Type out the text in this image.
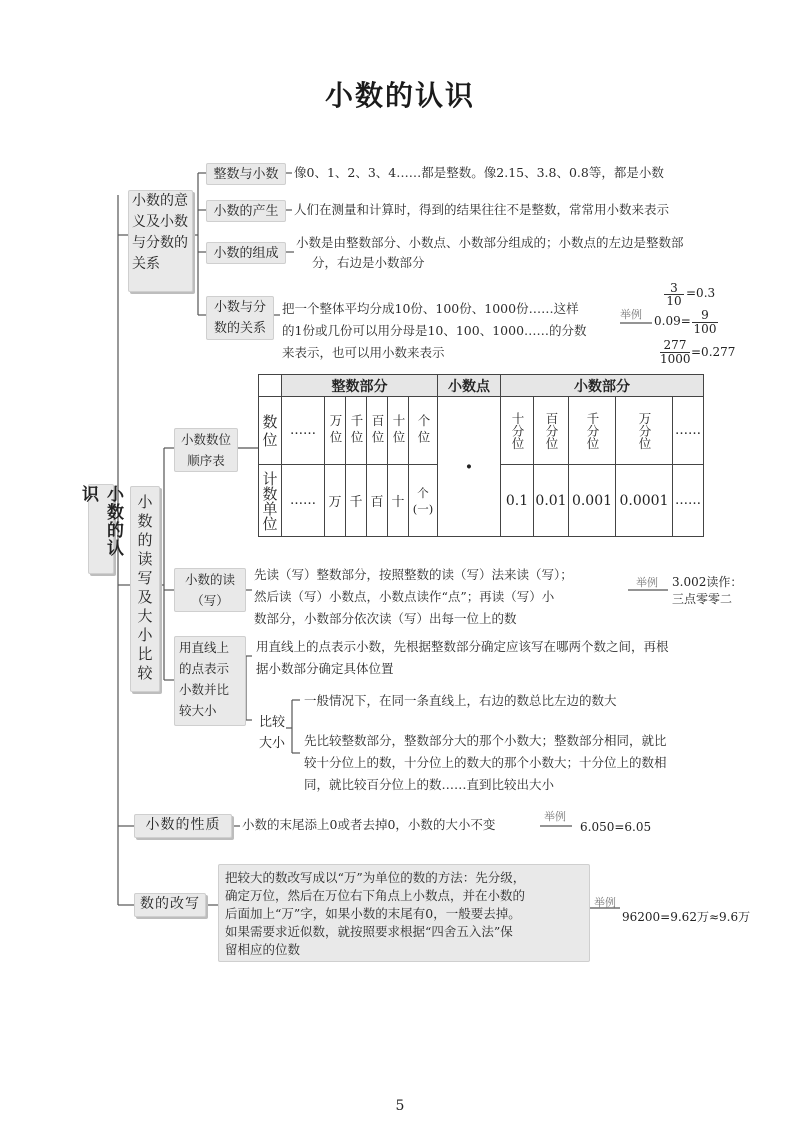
小数的认识
小数的认识
小数的意义及小数与分数的关系
整数与小数	像0、1、2、3、4……都是整数。像2.15、3.8、0.8等，都是小数
小数的产生	人们在测量和计算时，得到的结果往往不是整数，常常用小数来表示
小数的组成
小数是由整数部分、小数点、小数部分组成的；小数点的左边是整数部
分，右边是小数部分
小数与分
数的关系
把一个整体平均分成10份、100份、1000份……这样
的1份或几份可以用分母是10、100、1000……的分数
来表示，也可以用小数来表示
举例
3
10
=0.3
0.09= 9
100
277
1000 =0.277
小数的读写及大小比较
小数数位
顺序表
	整数部分						小数点	小数部分				
数位	……	万位	千位	百位	十位	个位	·	十分位	百分位	千分位	万分位	……
计数单位	……	万	千	百	十	个(一)		0.1	0.01	0.001	0.0001	……
小数的读
（写）
先读（写）整数部分，按照整数的读（写）法来读（写）；
然后读（写）小数点，小数点读作“点”；再读（写）小
数部分，小数部分依次读（写）出每一位上的数
举例 3.002读作：
三点零零二
用直线上
的点表示
小数并比
较大小
用直线上的点表示小数，先根据整数部分确定应该写在哪两个数之间，再根
据小数部分确定具体位置
比较
大小
一般情况下，在同一条直线上，右边的数总比左边的数大
先比较整数部分，整数部分大的那个小数大；整数部分相同，就比
较十分位上的数，十分位上的数大的那个小数大；十分位上的数相
同，就比较百分位上的数……直到比较出大小
小数的性质	小数的末尾添上0或者去掉0，小数的大小不变
举例
6.050=6.05
数的改写
把较大的数改写成以“万”为单位的数的方法：先分级，
确定万位，然后在万位右下角点上小数点，并在小数的
后面加上“万”字，如果小数的末尾有0，一般要去掉。
如果需要求近似数，就按照要求根据“四舍五入法”保
留相应的位数
举例
96200=9.62万≈9.6万
5
